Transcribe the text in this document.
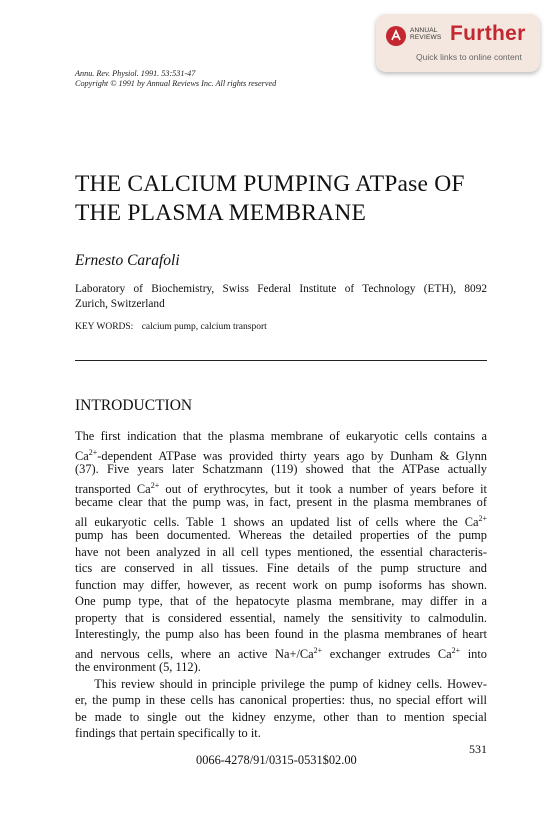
ANNUAL
REVIEWS Further
Quick links to online content
Annu. Rev. Physiol. 1991. 53:531-47
Copyright © 1991 by Annual Reviews Inc. All rights reserved
THE CALCIUM PUMPING ATPase OF
THE PLASMA MEMBRANE
Ernesto Carafoli
Laboratory of Biochemistry, Swiss Federal Institute of Technology (ETH), 8092
Zurich, Switzerland
KEY WORDS: calcium pump, calcium transport
INTRODUCTION
The first indication that the plasma membrane of eukaryotic cells contains a
$Ca^{2+}$-dependent ATPase was provided thirty years ago by Dunham & Glynn
(37). Five years later Schatzmann (119) showed that the ATPase actually
transported $Ca^{2+}$ out of erythrocytes, but it took a number of years before it
became clear that the pump was, in fact, present in the plasma membranes of
all eukaryotic cells. Table 1 shows an updated list of cells where the $Ca^{2+}$
pump has been documented. Whereas the detailed properties of the pump
have not been analyzed in all cell types mentioned, the essential characteris-
tics are conserved in all tissues. Fine details of the pump structure and
function may differ, however, as recent work on pump isoforms has shown.
One pump type, that of the hepatocyte plasma membrane, may differ in a
property that is considered essential, namely the sensitivity to calmodulin.
Interestingly, the pump also has been found in the plasma membranes of heart
and nervous cells, where an active $Na+/Ca^{2+}$ exchanger extrudes $Ca^{2+}$ into
the environment (5, 112).
This review should in principle privilege the pump of kidney cells. Howev-
er, the pump in these cells has canonical properties: thus, no special effort will
be made to single out the kidney enzyme, other than to mention special
findings that pertain specifically to it.
531
0066-4278/91/0315-0531$02.00
